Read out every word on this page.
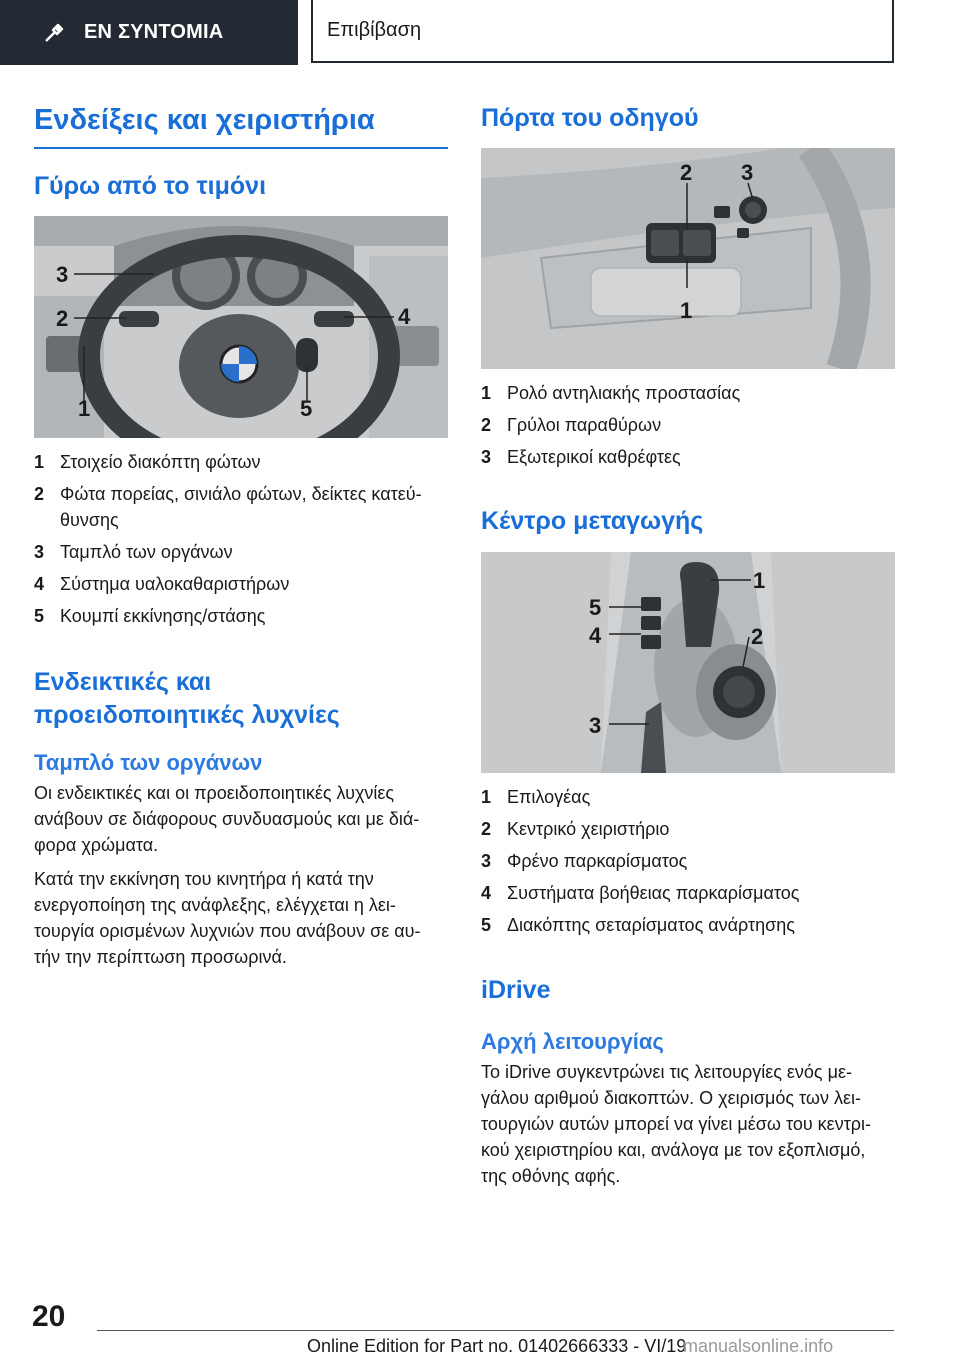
ΕΝ ΣΥΝΤΟΜΙΑ	Επιβίβαση
Ενδείξεις και χειριστήρια
Γύρω από το τιμόνι
3
2
1
4
5
1 Στοιχείο διακόπτη φώτων
2 Φώτα πορείας, σινιάλο φώτων, δείκτες κατεύ-
θυνσης
3 Ταμπλό των οργάνων
4 Σύστημα υαλοκαθαριστήρων
5 Κουμπί εκκίνησης/στάσης
Ενδεικτικές και
προειδοποιητικές λυχνίες
Ταμπλό των οργάνων
Οι ενδεικτικές και οι προειδοποιητικές λυχνίες
ανάβουν σε διάφορους συνδυασμούς και με διά-
φορα χρώματα.
Κατά την εκκίνηση του κινητήρα ή κατά την
ενεργοποίηση της ανάφλεξης, ελέγχεται η λει-
τουργία ορισμένων λυχνιών που ανάβουν σε αυ-
τήν την περίπτωση προσωρινά.
Πόρτα του οδηγού
2 3
1
1 Ρολό αντηλιακής προστασίας
2 Γρύλοι παραθύρων
3 Εξωτερικοί καθρέφτες
Κέντρο μεταγωγής
1
5
4	2
3
1 Επιλογέας
2 Κεντρικό χειριστήριο
3 Φρένο παρκαρίσματος
4 Συστήματα βοήθειας παρκαρίσματος
5 Διακόπτης σεταρίσματος ανάρτησης
iDrive
Αρχή λειτουργίας
Το iDrive συγκεντρώνει τις λειτουργίες ενός με-
γάλου αριθμού διακοπτών. Ο χειρισμός των λει-
τουργιών αυτών μπορεί να γίνει μέσω του κεντρι-
κού χειριστηρίου και, ανάλογα με τον εξοπλισμό,
της οθόνης αφής.
20
Online Edition for Part no. 01402666333 - VI/19
manualsonline.info
